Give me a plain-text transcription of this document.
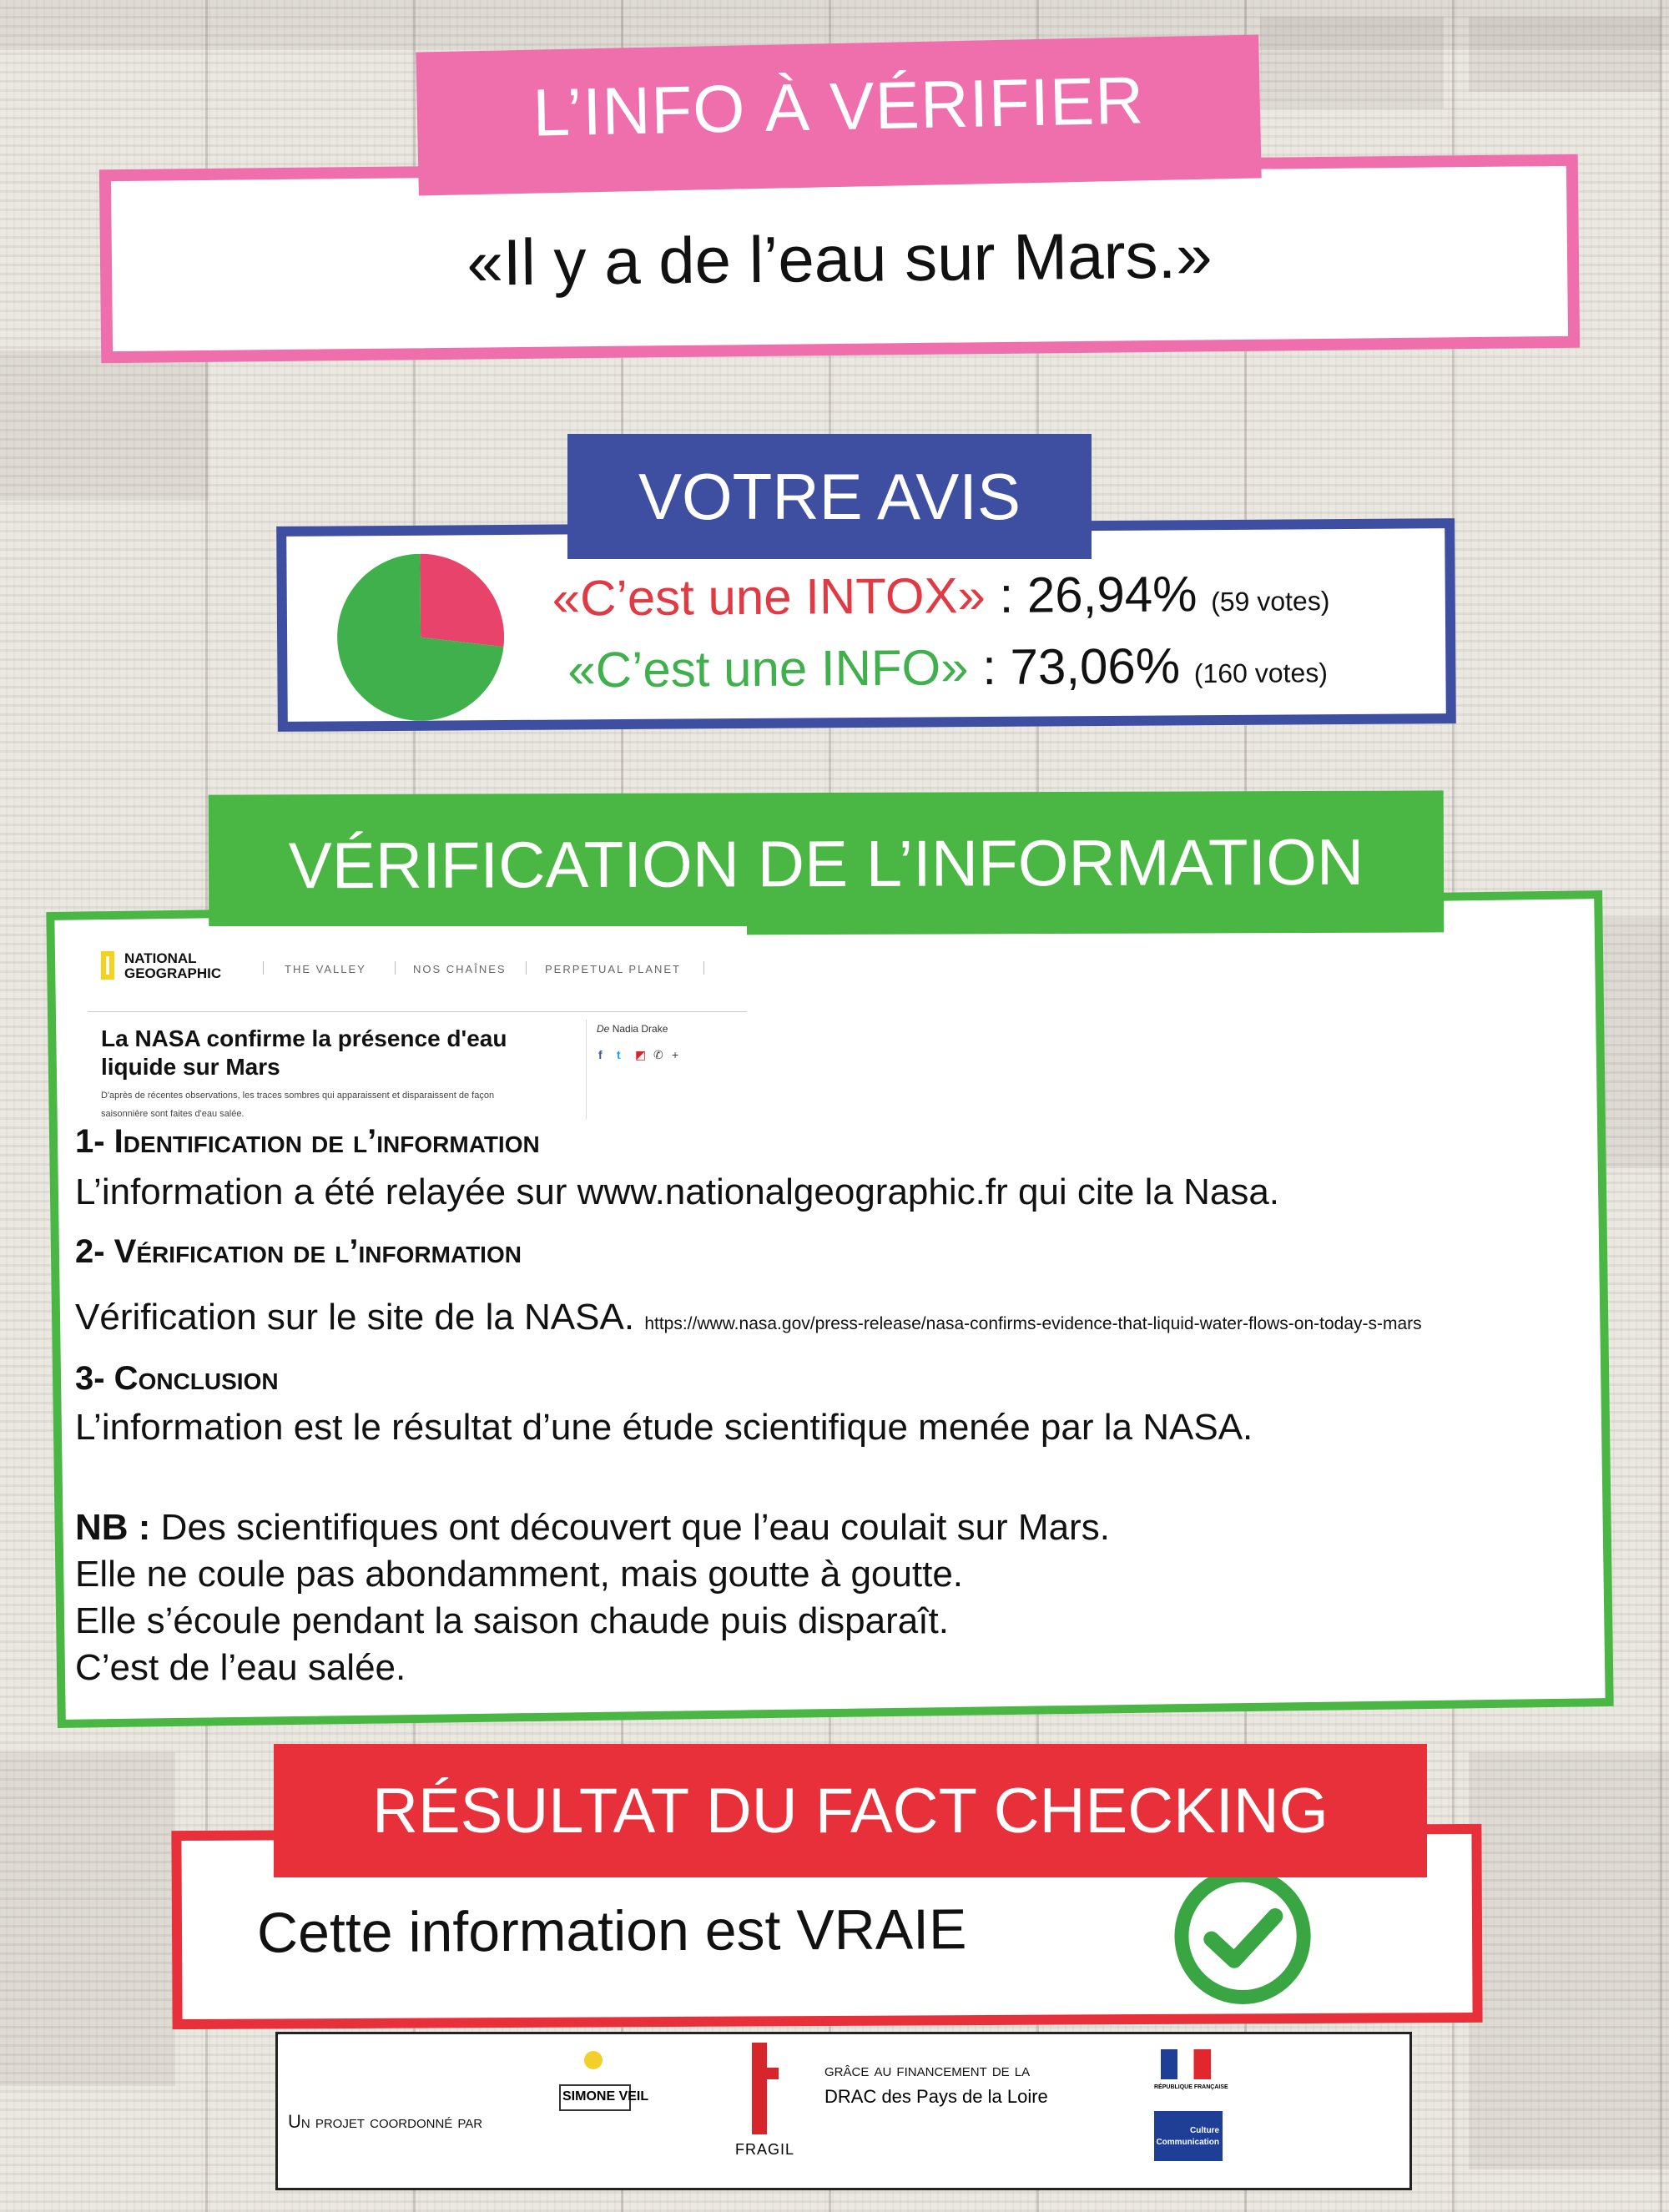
«Il y a de l’eau sur Mars.»
L’INFO À VÉRIFIER
«C’est une INTOX» : 26,94% (59 votes)
«C’est une INFO» : 73,06% (160 votes)
VOTRE AVIS
VÉRIFICATION DE L’INFORMATION
NATIONAL
GEOGRAPHIC	THE VALLEY	NOS CHAÎNES	PERPETUAL PLANET
La NASA confirme la présence d'eau liquide sur Mars
D'après de récentes observations, les traces sombres qui apparaissent et disparaissent de façon saisonnière sont faites d'eau salée.
De Nadia Drake
f t ◩ ✆ +
1- Identification de l’information
L’information a été relayée sur www.nationalgeographic.fr qui cite la Nasa.
2- Vérification de l’information
Vérification sur le site de la NASA. https://www.nasa.gov/press-release/nasa-confirms-evidence-that-liquid-water-flows-on-today-s-mars
3- Conclusion
L’information est le résultat d’une étude scientifique menée par la NASA.
NB : Des scientifiques ont découvert que l’eau coulait sur Mars.
Elle ne coule pas abondamment, mais goutte à goutte.
Elle s’écoule pendant la saison chaude puis disparaît.
C’est de l’eau salée.
Cette information est VRAIE
RÉSULTAT DU FACT CHECKING
Un projet coordonné par
SIMONE VEIL
FRAGIL
grâce au financement de la
DRAC des Pays de la Loire	RÉPUBLIQUE FRANÇAISE
Culture
Communication
